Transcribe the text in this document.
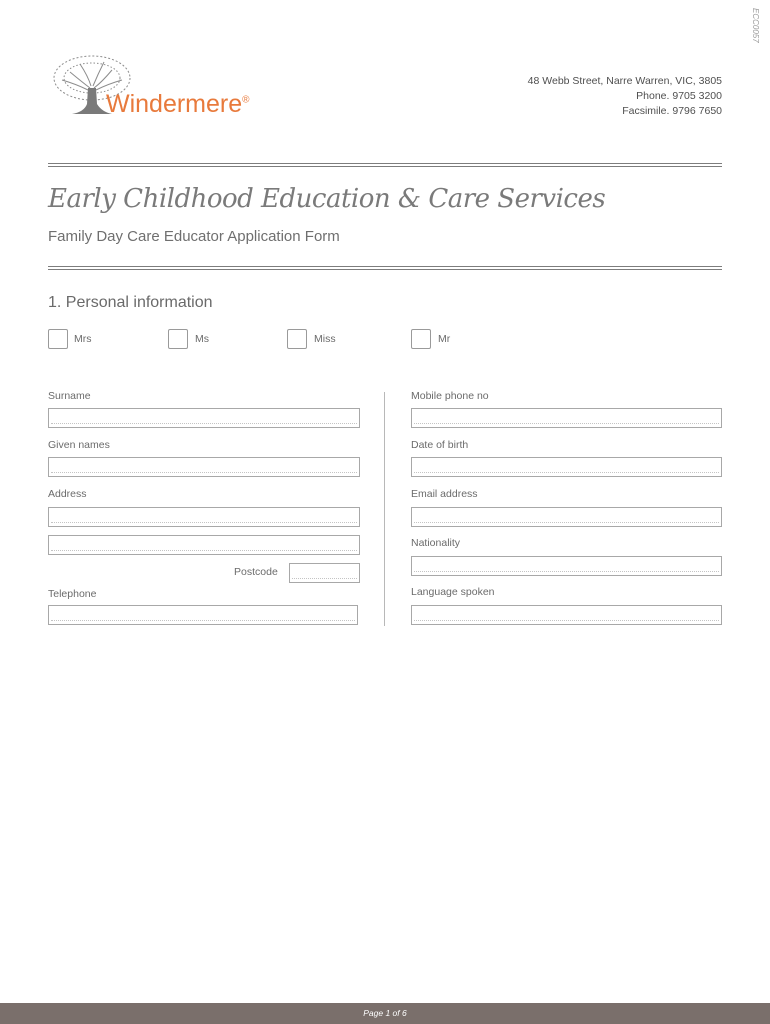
ECC0057
Windermere®
48 Webb Street, Narre Warren, VIC, 3805
Phone. 9705 3200
Facsimile. 9796 7650
Early Childhood Education & Care Services
Family Day Care Educator Application Form
1. Personal information
Mrs	Ms	Miss	Mr
Surname
Given names
Address
Postcode
Telephone
Mobile phone no
Date of birth
Email address
Nationality
Language spoken
Page 1 of 6
